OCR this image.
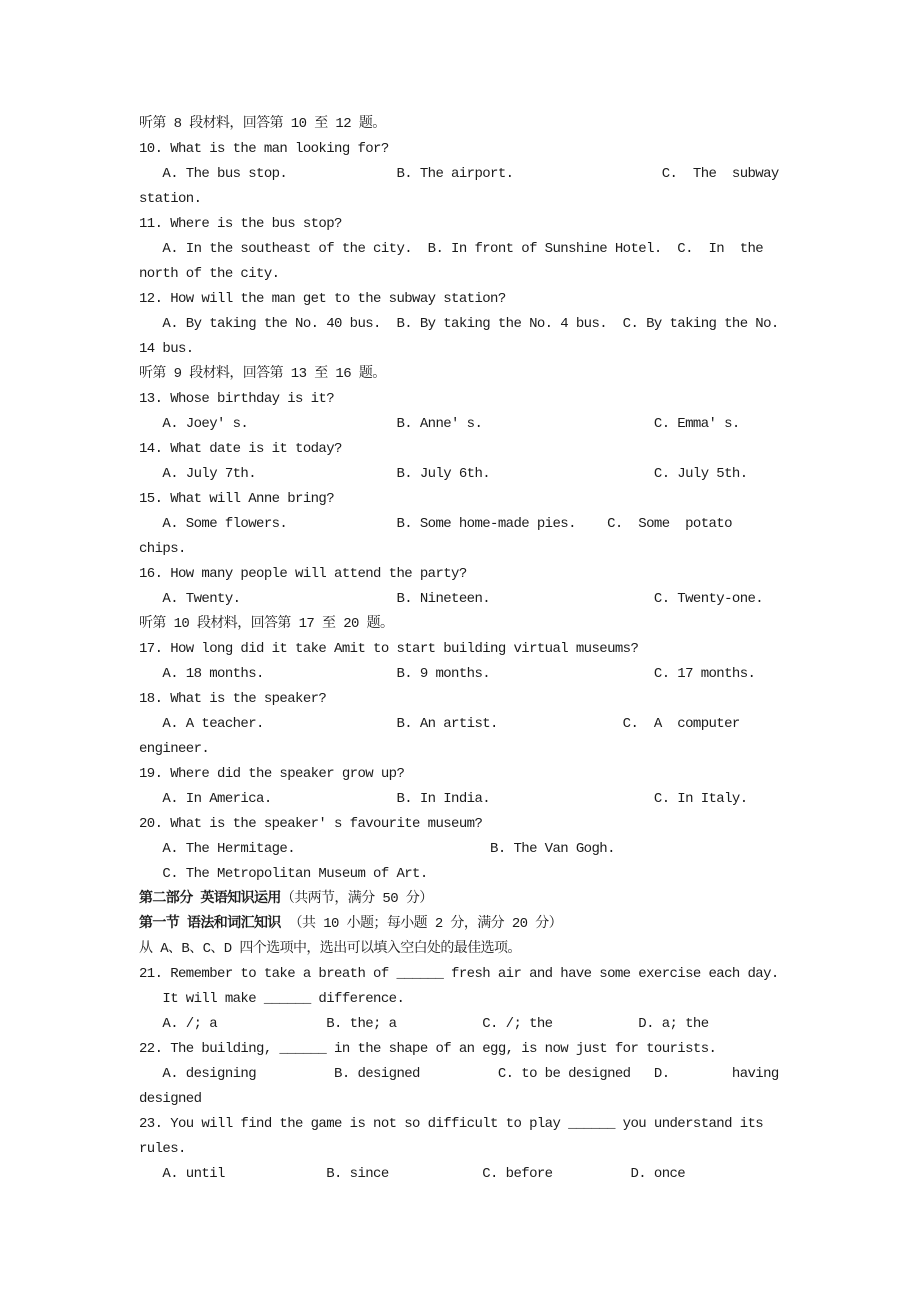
听第 8 段材料，回答第 10 至 12 题。
10. What is the man looking for?
A. The bus stop.              B. The airport.                   C.  The  subway
station.
11. Where is the bus stop?
A. In the southeast of the city.  B. In front of Sunshine Hotel.  C.  In  the
north of the city.
12. How will the man get to the subway station?
A. By taking the No. 40 bus.  B. By taking the No. 4 bus.  C. By taking the No.
14 bus.
听第 9 段材料，回答第 13 至 16 题。
13. Whose birthday is it?
A. Joey' s.                   B. Anne' s.                      C. Emma' s.
14. What date is it today?
A. July 7th.                  B. July 6th.                     C. July 5th.
15. What will Anne bring?
A. Some flowers.              B. Some home-made pies.    C.  Some  potato
chips.
16. How many people will attend the party?
A. Twenty.                    B. Nineteen.                     C. Twenty-one.
听第 10 段材料，回答第 17 至 20 题。
17. How long did it take Amit to start building virtual museums?
A. 18 months.                 B. 9 months.                     C. 17 months.
18. What is the speaker?
A. A teacher.                 B. An artist.                C.  A  computer
engineer.
19. Where did the speaker grow up?
A. In America.                B. In India.                     C. In Italy.
20. What is the speaker' s favourite museum?
A. The Hermitage.                         B. The Van Gogh.
C. The Metropolitan Museum of Art.
第二部分 英语知识运用（共两节，满分 50 分）
第一节 语法和词汇知识 （共 10 小题；每小题 2 分，满分 20 分）
从 A、B、C、D 四个选项中，选出可以填入空白处的最佳选项。
21. Remember to take a breath of ______ fresh air and have some exercise each day.
It will make ______ difference.
A. /; a              B. the; a           C. /; the           D. a; the
22. The building, ______ in the shape of an egg, is now just for tourists.
A. designing          B. designed          C. to be designed   D.        having
designed
23. You will find the game is not so difficult to play ______ you understand its
rules.
A. until             B. since            C. before          D. once
